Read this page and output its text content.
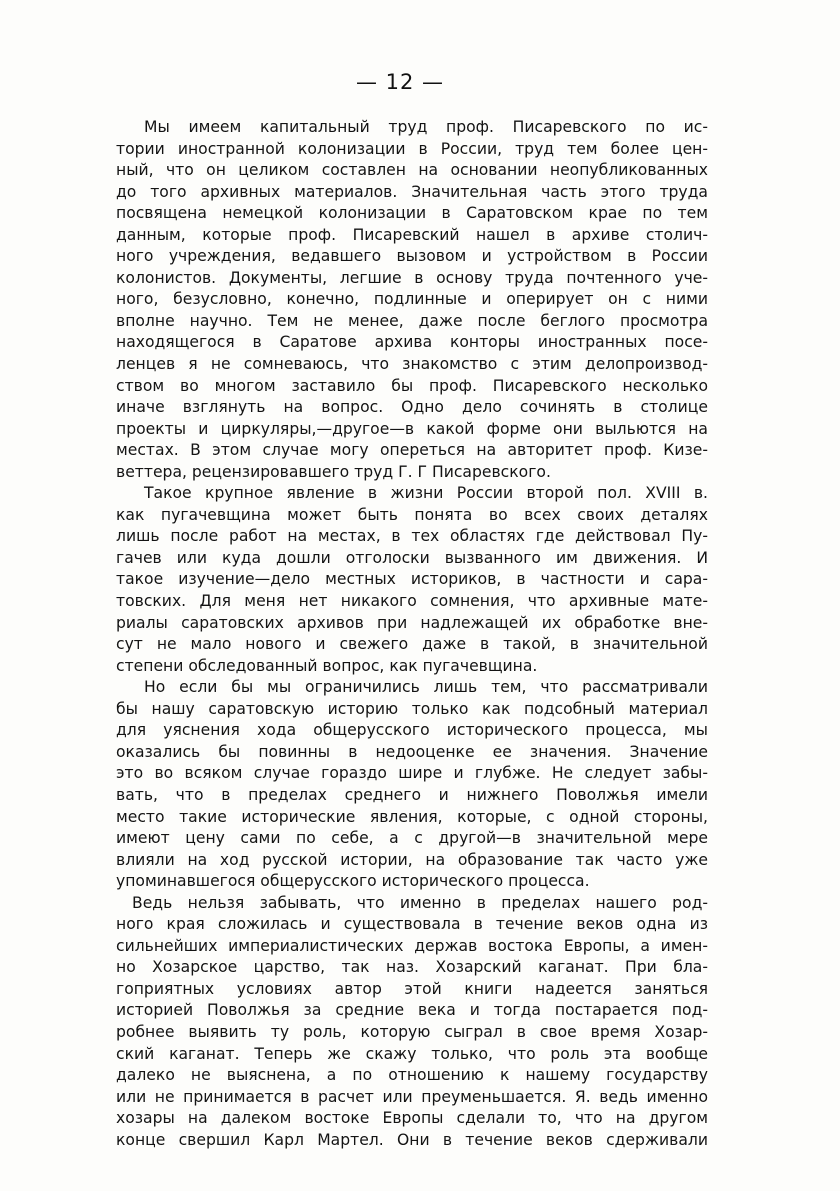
— 12 —
Мы имеем капитальный труд проф. Писаревского по ис-
тории иностранной колонизации в России, труд тем более цен-
ный, что он целиком составлен на основании неопубликованных
до того архивных материалов. Значительная часть этого труда
посвящена немецкой колонизации в Саратовском крае по тем
данным, которые проф. Писаревский нашел в архиве столич-
ного учреждения, ведавшего вызовом и устройством в России
колонистов. Документы, легшие в основу труда почтенного уче-
ного, безусловно, конечно, подлинные и оперирует он с ними
вполне научно. Тем не менее, даже после беглого просмотра
находящегося в Саратове архива конторы иностранных посе-
ленцев я не сомневаюсь, что знакомство с этим делопроизвод-
ством во многом заставило бы проф. Писаревского несколько
иначе взглянуть на вопрос. Одно дело сочинять в столице
проекты и циркуляры,—другое—в какой форме они выльются на
местах. В этом случае могу опереться на авторитет проф. Кизе-
веттера, рецензировавшего труд Г. Г Писаревского.
Такое крупное явление в жизни России второй пол. XVIII в.
как пугачевщина может быть понята во всех своих деталях
лишь после работ на местах, в тех областях где действовал Пу-
гачев или куда дошли отголоски вызванного им движения. И
такое изучение—дело местных историков, в частности и сара-
товских. Для меня нет никакого сомнения, что архивные мате-
риалы саратовских архивов при надлежащей их обработке вне-
сут не мало нового и свежего даже в такой, в значительной
степени обследованный вопрос, как пугачевщина.
Но если бы мы ограничились лишь тем, что рассматривали
бы нашу саратовскую историю только как подсобный материал
для уяснения хода общерусского исторического процесса, мы
оказались бы повинны в недооценке ее значения. Значение
это во всяком случае гораздо шире и глубже. Не следует забы-
вать, что в пределах среднего и нижнего Поволжья имели
место такие исторические явления, которые, с одной стороны,
имеют цену сами по себе, а с другой—в значительной мере
влияли на ход русской истории, на образование так часто уже
упоминавшегося общерусского исторического процесса.
Ведь нельзя забывать, что именно в пределах нашего род-
ного края сложилась и существовала в течение веков одна из
сильнейших империалистических держав востока Европы, а имен-
но Хозарское царство, так наз. Хозарский каганат. При бла-
гоприятных условиях автор этой книги надеется заняться
историей Поволжья за средние века и тогда постарается под-
робнее выявить ту роль, которую сыграл в свое время Хозар-
ский каганат. Теперь же скажу только, что роль эта вообще
далеко не выяснена, а по отношению к нашему государству
или не принимается в расчет или преуменьшается. Я. ведь именно
хозары на далеком востоке Европы сделали то, что на другом
конце свершил Карл Мартел. Они в течение веков сдерживали
